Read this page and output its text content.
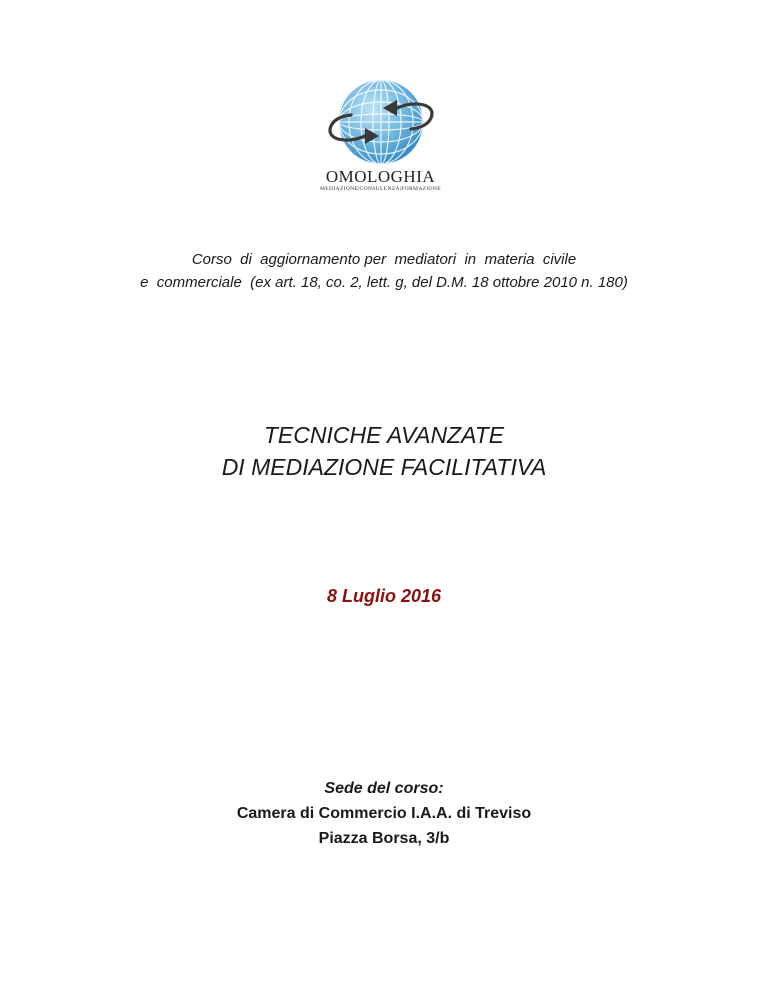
OMOLOGHIA
MEDIAZIONE|CONSULENZA|FORMAZIONE
Corso  di  aggiornamento per  mediatori  in  materia  civile
e  commerciale  (ex art. 18, co. 2, lett. g, del D.M. 18 ottobre 2010 n. 180)
TECNICHE AVANZATE
DI MEDIAZIONE FACILITATIVA
8 Luglio 2016
Sede del corso:
Camera di Commercio I.A.A. di Treviso
Piazza Borsa, 3/b
